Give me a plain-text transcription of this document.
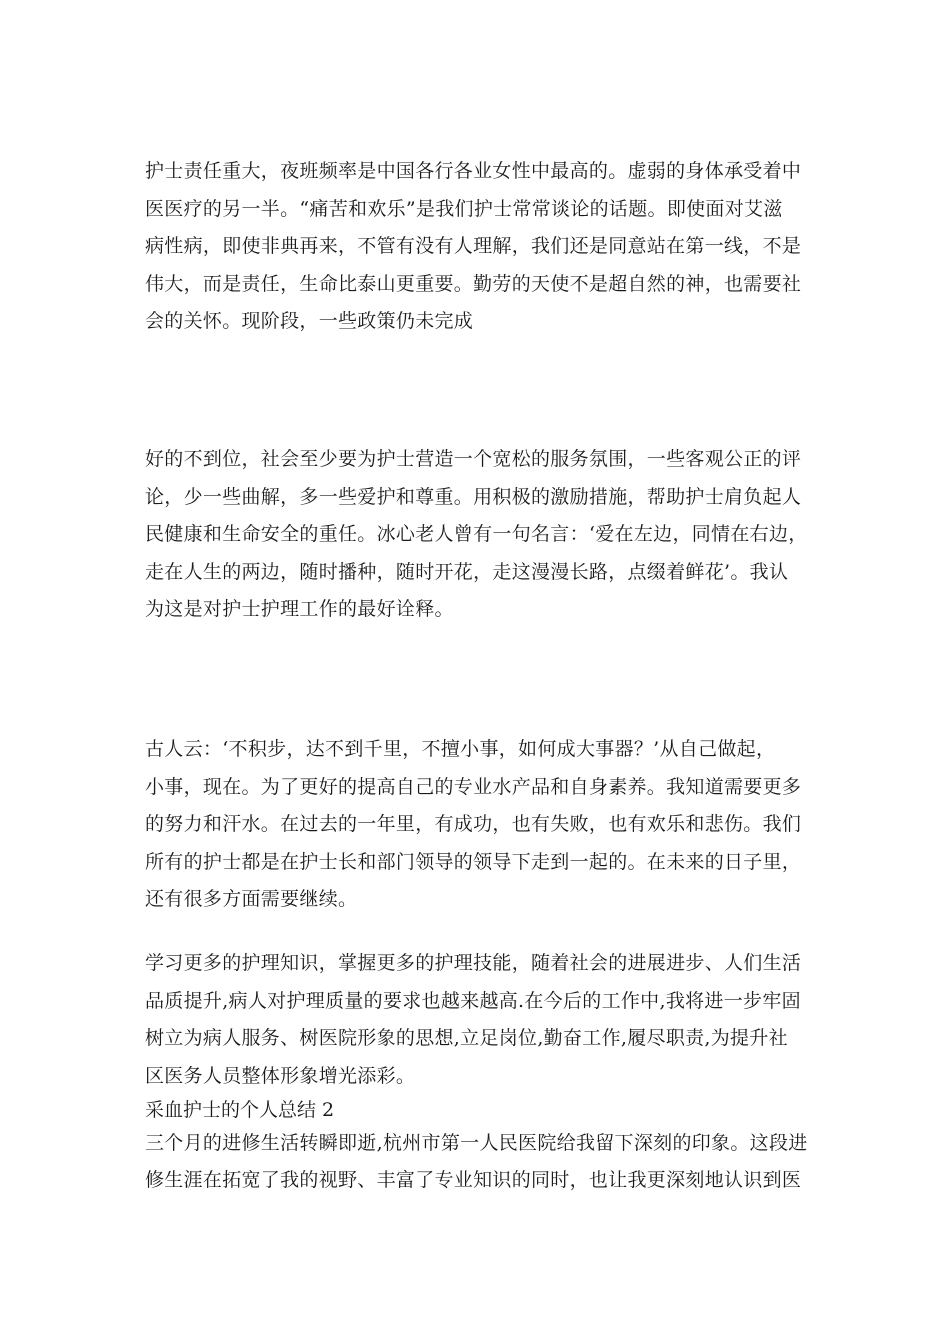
护士责任重大，夜班频率是中国各行各业女性中最高的。虚弱的身体承受着中
医医疗的另一半。“痛苦和欢乐”是我们护士常常谈论的话题。即使面对艾滋
病性病，即使非典再来，不管有没有人理解，我们还是同意站在第一线，不是
伟大，而是责任，生命比泰山更重要。勤劳的天使不是超自然的神，也需要社
会的关怀。现阶段，一些政策仍未完成

好的不到位，社会至少要为护士营造一个宽松的服务氛围，一些客观公正的评
论，少一些曲解，多一些爱护和尊重。用积极的激励措施，帮助护士肩负起人
民健康和生命安全的重任。冰心老人曾有一句名言：‘爱在左边，同情在右边，
走在人生的两边，随时播种，随时开花，走这漫漫长路，点缀着鲜花’。我认
为这是对护士护理工作的最好诠释。

古人云：‘不积步，达不到千里，不擅小事，如何成大事器？’从自己做起，
小事，现在。为了更好的提高自己的专业水产品和自身素养。我知道需要更多
的努力和汗水。在过去的一年里，有成功，也有失败，也有欢乐和悲伤。我们
所有的护士都是在护士长和部门领导的领导下走到一起的。在未来的日子里，
还有很多方面需要继续。

学习更多的护理知识，掌握更多的护理技能，随着社会的进展进步、人们生活
品质提升,病人对护理质量的要求也越来越高.在今后的工作中,我将进一步牢固
树立为病人服务、树医院形象的思想,立足岗位,勤奋工作,履尽职责,为提升社
区医务人员整体形象增光添彩。

采血护士的个人总结 2

三个月的进修生活转瞬即逝,杭州市第一人民医院给我留下深刻的印象。这段进
修生涯在拓宽了我的视野、丰富了专业知识的同时，也让我更深刻地认识到医
